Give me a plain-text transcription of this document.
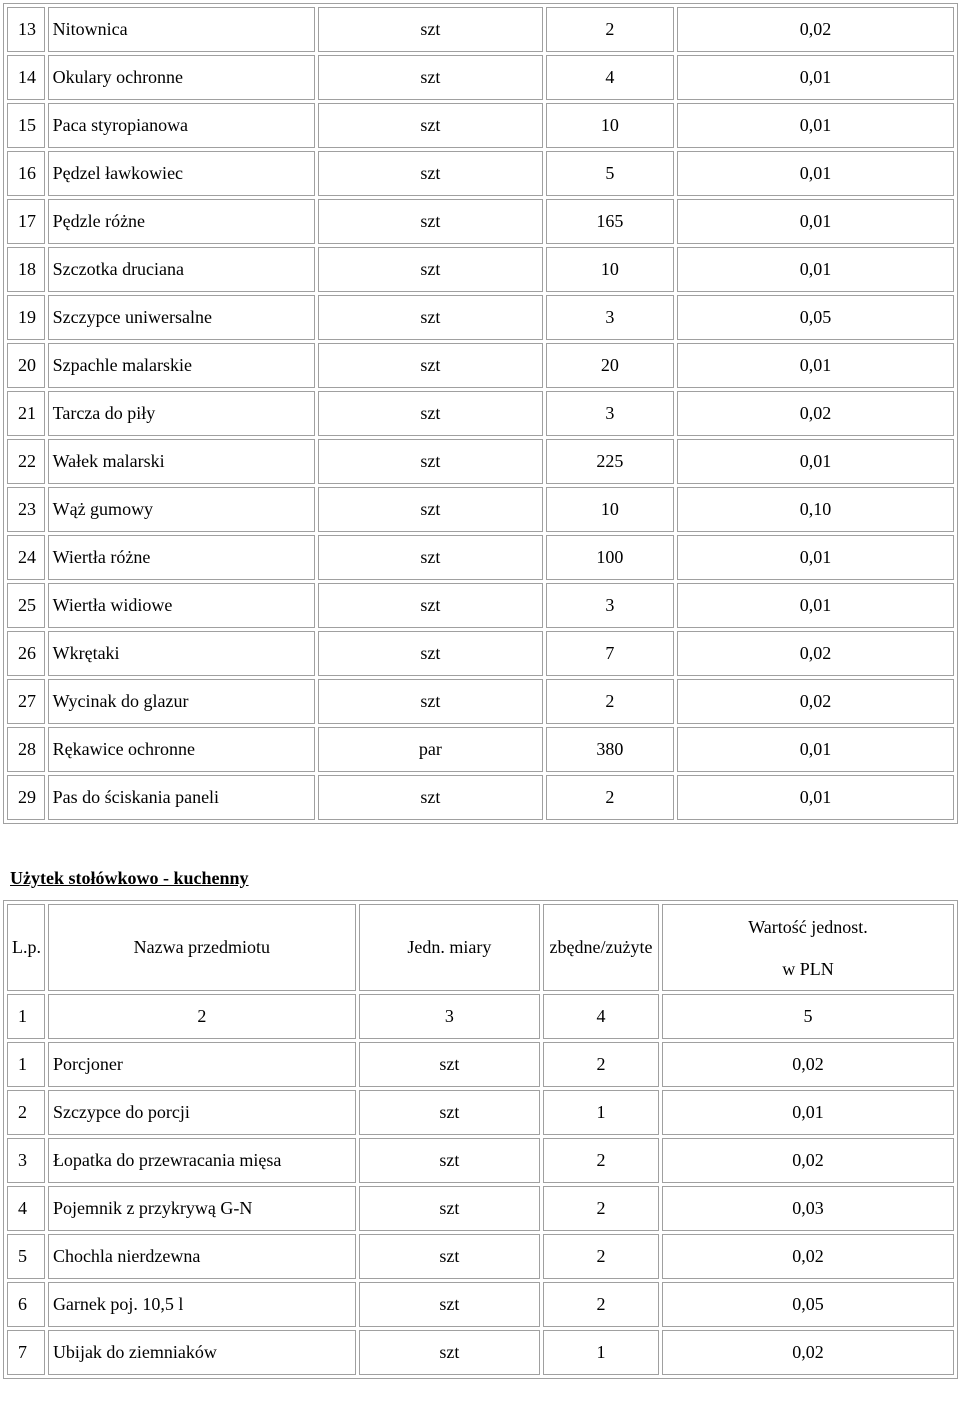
13	Nitownica	szt	2	0,02
14	Okulary ochronne	szt	4	0,01
15	Paca styropianowa	szt	10	0,01
16	Pędzel ławkowiec	szt	5	0,01
17	Pędzle różne	szt	165	0,01
18	Szczotka druciana	szt	10	0,01
19	Szczypce uniwersalne	szt	3	0,05
20	Szpachle malarskie	szt	20	0,01
21	Tarcza do piły	szt	3	0,02
22	Wałek malarski	szt	225	0,01
23	Wąż gumowy	szt	10	0,10
24	Wiertła różne	szt	100	0,01
25	Wiertła widiowe	szt	3	0,01
26	Wkrętaki	szt	7	0,02
27	Wycinak do glazur	szt	2	0,02
28	Rękawice ochronne	par	380	0,01
29	Pas do ściskania paneli	szt	2	0,01
Użytek stołówkowo - kuchenny
L.p.	Nazwa przedmiotu	Jedn. miary	zbędne/zużyte	Wartość jednost.
w PLN

1	2	3	4	5
1	Porcjoner	szt	2	0,02
2	Szczypce do porcji	szt	1	0,01
3	Łopatka do przewracania mięsa	szt	2	0,02
4	Pojemnik z przykrywą G-N	szt	2	0,03
5	Chochla nierdzewna	szt	2	0,02
6	Garnek poj. 10,5 l	szt	2	0,05
7	Ubijak do ziemniaków	szt	1	0,02
